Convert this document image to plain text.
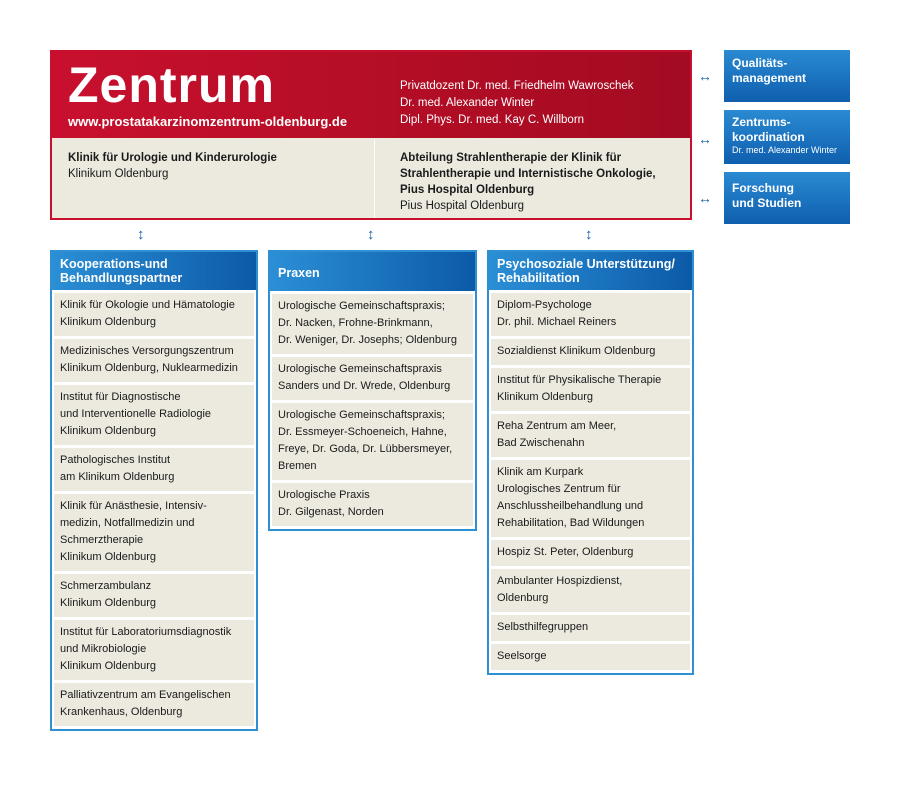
Zentrum
www.prostatakarzinomzentrum-oldenburg.de
Privatdozent Dr. med. Friedhelm Wawroschek
Dr. med. Alexander Winter
Dipl. Phys. Dr. med. Kay C. Willborn
Klinik für Urologie und Kinderurologie
Klinikum Oldenburg
Abteilung Strahlentherapie der Klinik für
Strahlentherapie und Internistische Onkologie,
Pius Hospital Oldenburg
Pius Hospital Oldenburg
↔
Qualitäts-
management
↔
Zentrums-
koordination
Dr. med. Alexander Winter
↔
Forschung
und Studien
↕	↕	↕
Kooperations-und
Behandlungspartner
Klinik für Okologie und Hämatologie
Klinikum Oldenburg
Medizinisches Versorgungszentrum
Klinikum Oldenburg, Nuklearmedizin
Institut für Diagnostische
und Interventionelle Radiologie
Klinikum Oldenburg
Pathologisches Institut
am Klinikum Oldenburg
Klinik für Anästhesie, Intensiv-
medizin, Notfallmedizin und
Schmerztherapie
Klinikum Oldenburg
Schmerzambulanz
Klinikum Oldenburg
Institut für Laboratoriumsdiagnostik
und Mikrobiologie
Klinikum Oldenburg
Palliativzentrum am Evangelischen
Krankenhaus, Oldenburg
Praxen
Urologische Gemeinschaftspraxis;
Dr. Nacken, Frohne-Brinkmann,
Dr. Weniger, Dr. Josephs; Oldenburg
Urologische Gemeinschaftspraxis
Sanders und Dr. Wrede, Oldenburg
Urologische Gemeinschaftspraxis;
Dr. Essmeyer-Schoeneich, Hahne,
Freye, Dr. Goda, Dr. Lübbersmeyer,
Bremen
Urologische Praxis
Dr. Gilgenast, Norden
Psychosoziale Unterstützung/
Rehabilitation
Diplom-Psychologe
Dr. phil. Michael Reiners
Sozialdienst Klinikum Oldenburg
Institut für Physikalische Therapie
Klinikum Oldenburg
Reha Zentrum am Meer,
Bad Zwischenahn
Klinik am Kurpark
Urologisches Zentrum für
Anschlussheilbehandlung und
Rehabilitation, Bad Wildungen
Hospiz St. Peter, Oldenburg
Ambulanter Hospizdienst,
Oldenburg
Selbsthilfegruppen
Seelsorge
